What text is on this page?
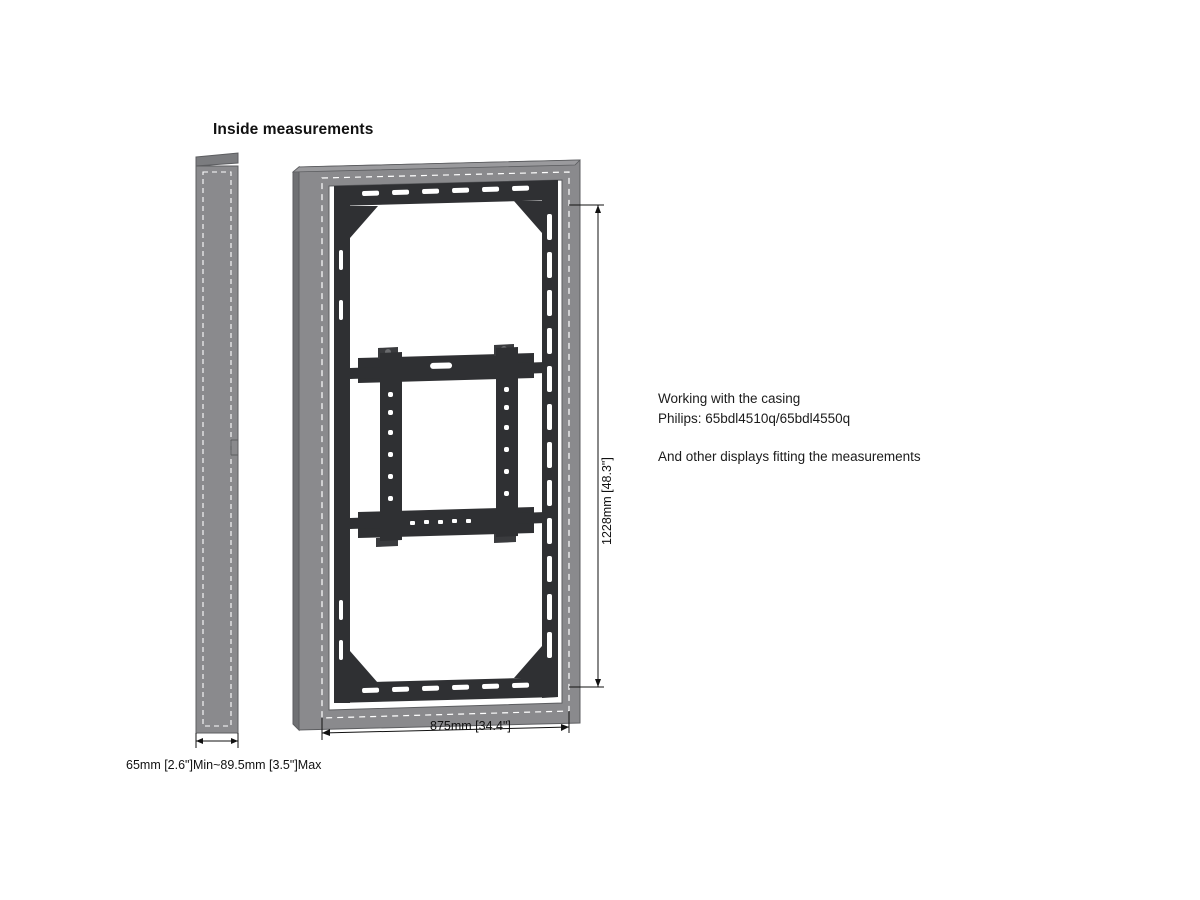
Inside measurements
1228mm [48.3"]
875mm [34.4"]
65mm [2.6"]Min~89.5mm [3.5"]Max
Working with the casing
Philips: 65bdl4510q/65bdl4550q
And other displays fitting the measurements
